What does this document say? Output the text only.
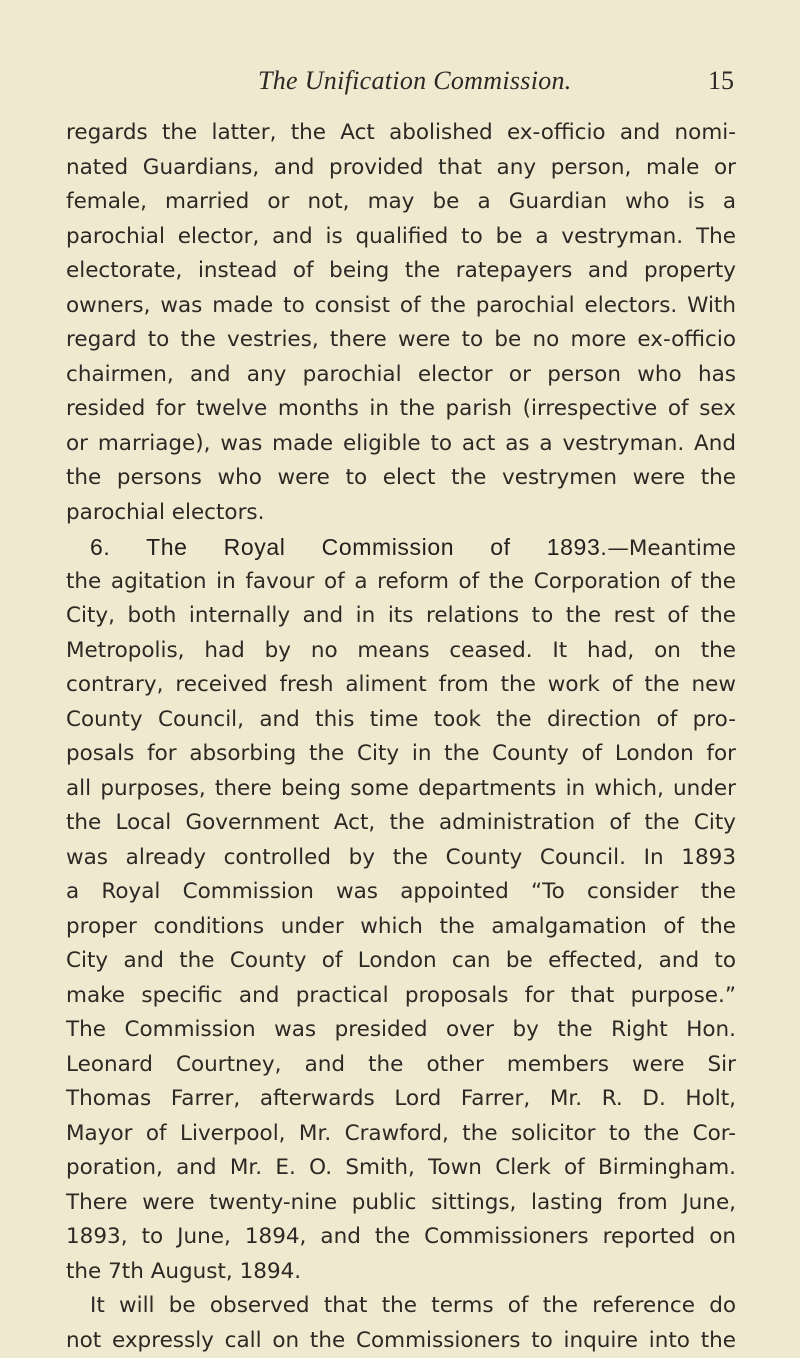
The Unification Commission.	15
regards the latter, the Act abolished ex-officio and nomi-
nated Guardians, and provided that any person, male or
female, married or not, may be a Guardian who is a
parochial elector, and is qualified to be a vestryman. The
electorate, instead of being the ratepayers and property
owners, was made to consist of the parochial electors. With
regard to the vestries, there were to be no more ex-officio
chairmen, and any parochial elector or person who has
resided for twelve months in the parish (irrespective of sex
or marriage), was made eligible to act as a vestryman. And
the persons who were to elect the vestrymen were the
parochial electors.
6. The Royal Commission of 1893.—Meantime
the agitation in favour of a reform of the Corporation of the
City, both internally and in its relations to the rest of the
Metropolis, had by no means ceased. It had, on the
contrary, received fresh aliment from the work of the new
County Council, and this time took the direction of pro-
posals for absorbing the City in the County of London for
all purposes, there being some departments in which, under
the Local Government Act, the administration of the City
was already controlled by the County Council. In 1893
a Royal Commission was appointed “To consider the
proper conditions under which the amalgamation of the
City and the County of London can be effected, and to
make specific and practical proposals for that purpose.”
The Commission was presided over by the Right Hon.
Leonard Courtney, and the other members were Sir
Thomas Farrer, afterwards Lord Farrer, Mr. R. D. Holt,
Mayor of Liverpool, Mr. Crawford, the solicitor to the Cor-
poration, and Mr. E. O. Smith, Town Clerk of Birmingham.
There were twenty-nine public sittings, lasting from June,
1893, to June, 1894, and the Commissioners reported on
the 7th August, 1894.
It will be observed that the terms of the reference do
not expressly call on the Commissioners to inquire into the
